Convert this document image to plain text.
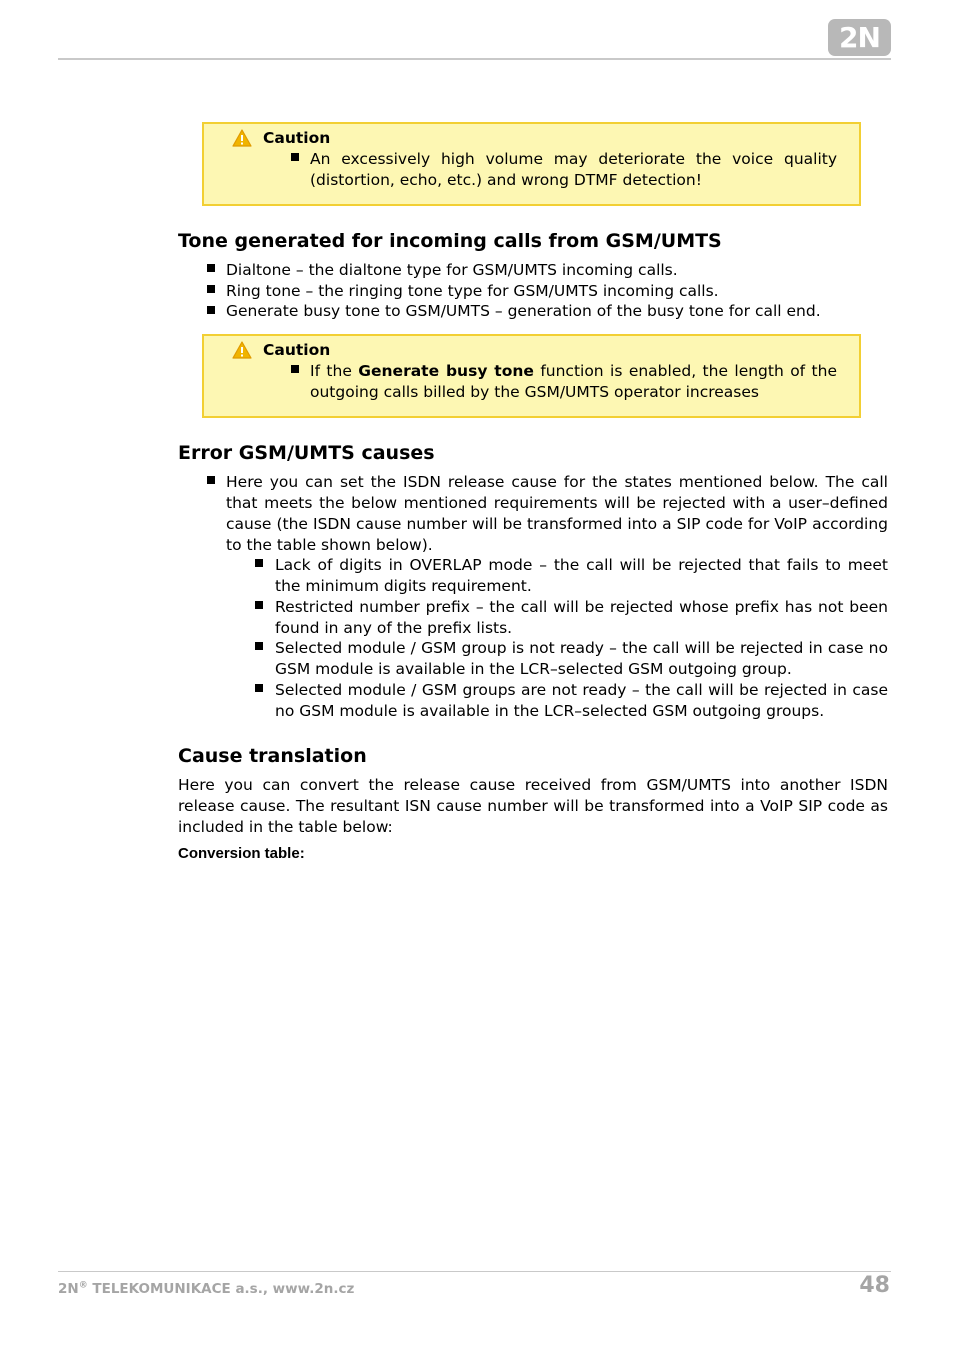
2N
Caution
An excessively high volume may deteriorate the voice quality (distortion, echo, etc.) and wrong DTMF detection!
Tone generated for incoming calls from GSM/UMTS
Dialtone – the dialtone type for GSM/UMTS incoming calls.
Ring tone – the ringing tone type for GSM/UMTS incoming calls.
Generate busy tone to GSM/UMTS – generation of the busy tone for call end.
Caution
If the Generate busy tone function is enabled, the length of the outgoing calls billed by the GSM/UMTS operator increases
Error GSM/UMTS causes
Here you can set the ISDN release cause for the states mentioned below. The call that meets the below mentioned requirements will be rejected with a user–defined cause (the ISDN cause number will be transformed into a SIP code for VoIP according to the table shown below).
Lack of digits in OVERLAP mode – the call will be rejected that fails to meet the minimum digits requirement.
Restricted number prefix – the call will be rejected whose prefix has not been found in any of the prefix lists.
Selected module / GSM group is not ready – the call will be rejected in case no GSM module is available in the LCR–selected GSM outgoing group.
Selected module / GSM groups are not ready – the call will be rejected in case no GSM module is available in the LCR–selected GSM outgoing groups.
Cause translation
Here you can convert the release cause received from GSM/UMTS into another ISDN release cause. The resultant ISN cause number will be transformed into a VoIP SIP code as included in the table below:
Conversion table:
2N® TELEKOMUNIKACE a.s., www.2n.cz	48
